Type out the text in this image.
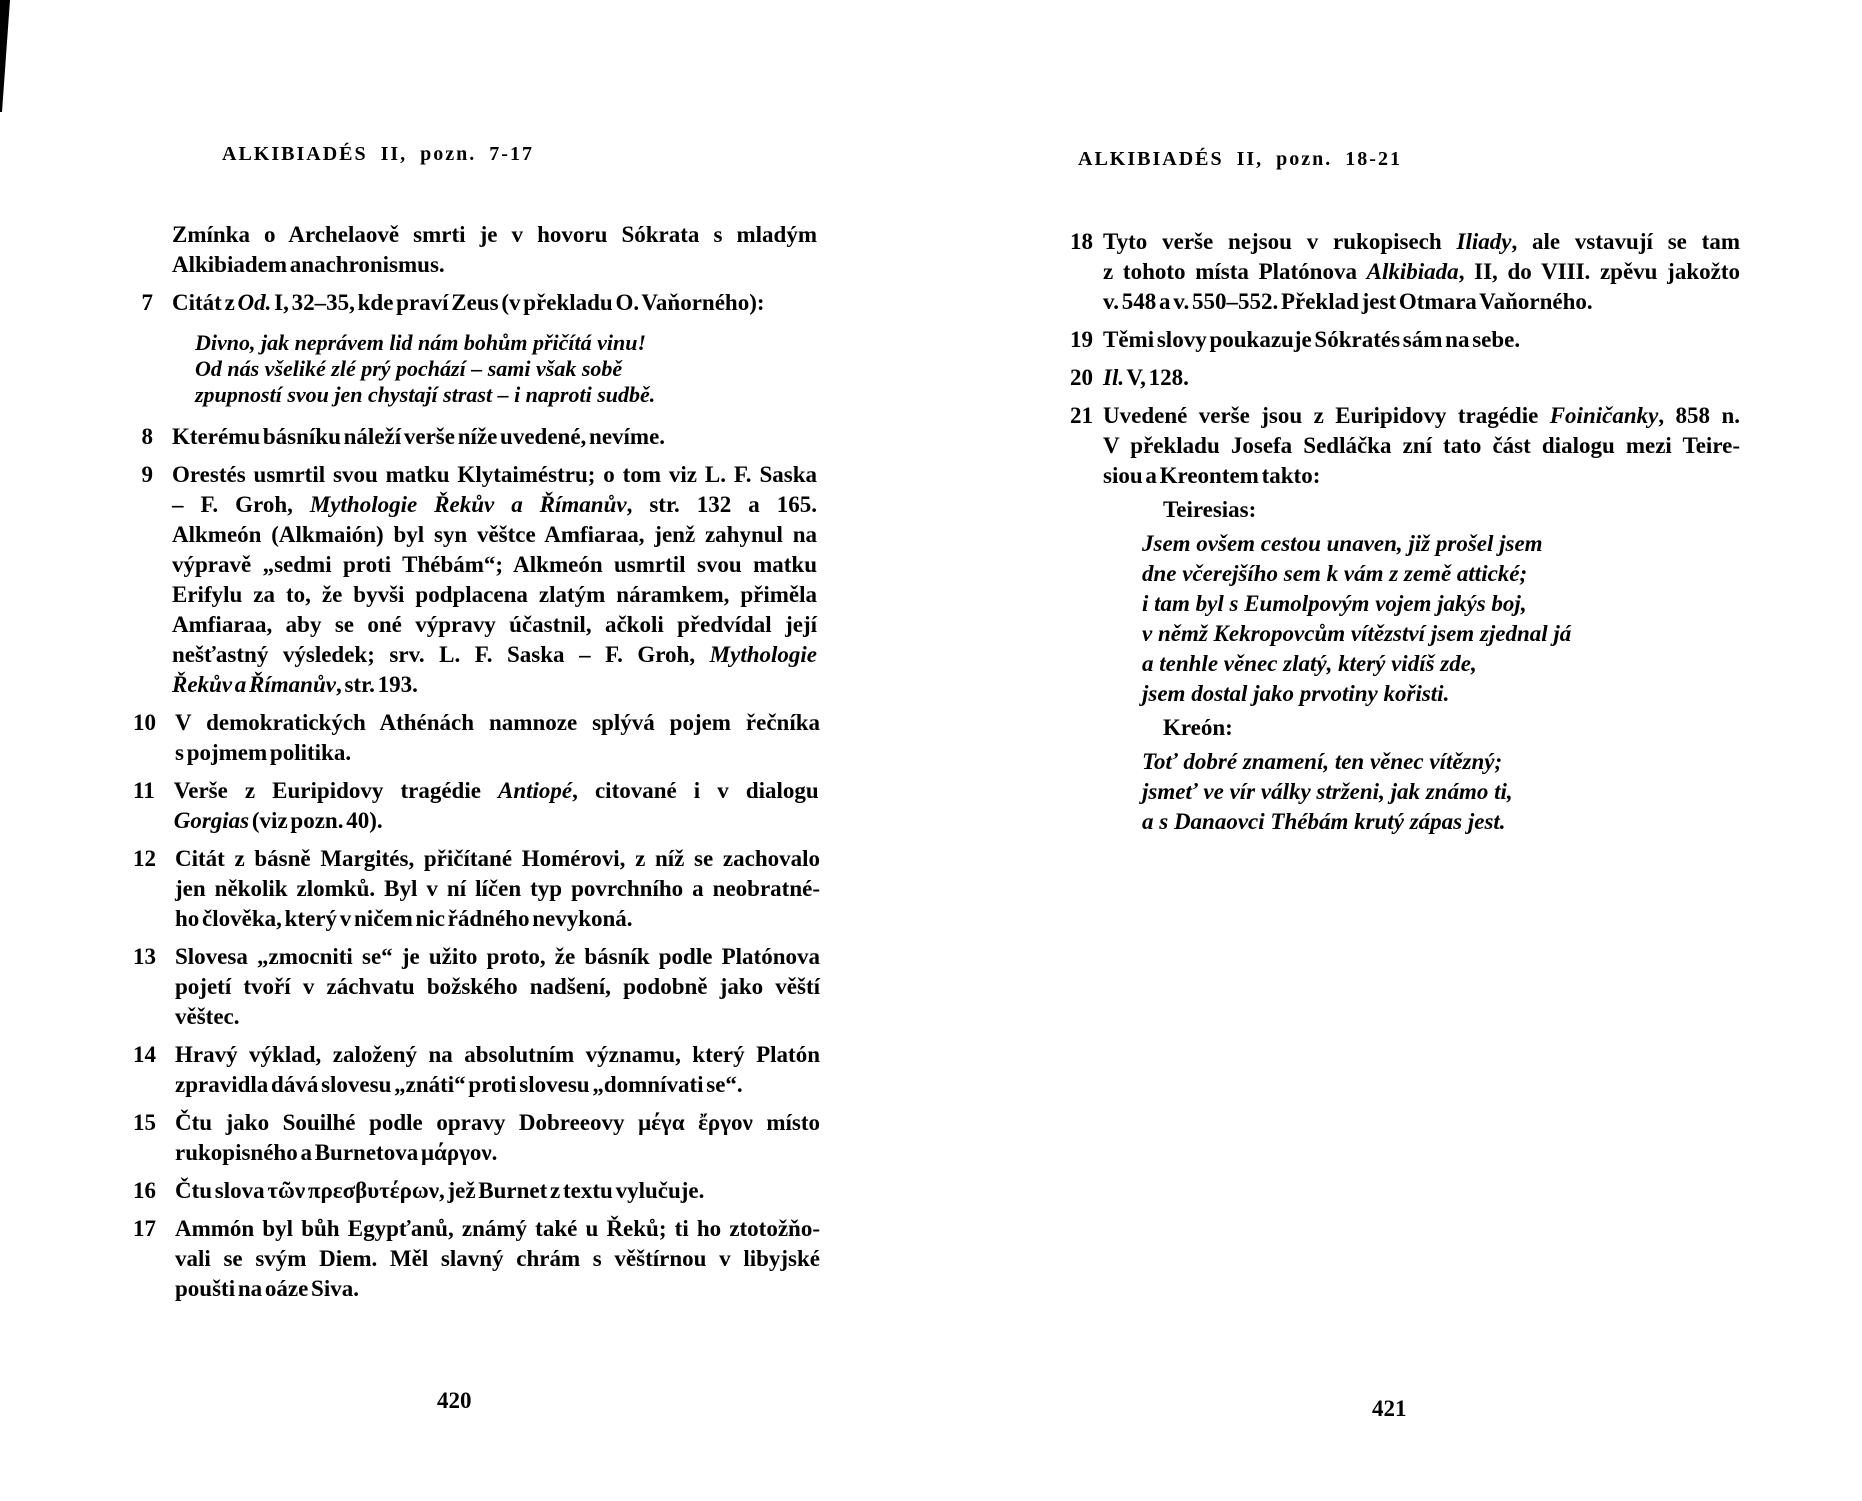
ALKIBIADÉS II, pozn. 7-17	ALKIBIADÉS II, pozn. 18-21
Zmínka o Archelaově smrti je v hovoru Sókrata s mladým
Alkibiadem anachronismus.
7 Citát z Od. I, 32–35, kde praví Zeus (v překladu O. Vaňorného):
Divno, jak neprávem lid nám bohům přičítá vinu!
Od nás všeliké zlé prý pochází – sami však sobě
zpupností svou jen chystají strast – i naproti sudbě.
8 Kterému básníku náleží verše níže uvedené, nevíme.
9 Orestés usmrtil svou matku Klytaiméstru; o tom viz L. F. Saska
– F. Groh, Mythologie Řekův a Římanův, str. 132 a 165.
Alkmeón (Alkmaión) byl syn věštce Amfiaraa, jenž zahynul na
výpravě „sedmi proti Thébám“; Alkmeón usmrtil svou matku
Erifylu za to, že byvši podplacena zlatým náramkem, přiměla
Amfiaraa, aby se oné výpravy účastnil, ačkoli předvídal její
nešťastný výsledek; srv. L. F. Saska – F. Groh, Mythologie
Řekův a Římanův, str. 193.
10 V demokratických Athénách namnoze splývá pojem řečníka
s pojmem politika.
11 Verše z Euripidovy tragédie Antiopé, citované i v dialogu
Gorgias (viz pozn. 40).
12 Citát z básně Margités, přičítané Homérovi, z níž se zachovalo
jen několik zlomků. Byl v ní líčen typ povrchního a neobratné-
ho člověka, který v ničem nic řádného nevykoná.
13 Slovesa „zmocniti se“ je užito proto, že básník podle Platónova
pojetí tvoří v záchvatu božského nadšení, podobně jako věští
věštec.
14 Hravý výklad, založený na absolutním významu, který Platón
zpravidla dává slovesu „znáti“ proti slovesu „domnívati se“.
15 Čtu jako Souilhé podle opravy Dobreeovy μέγα ἔργον místo
rukopisného a Burnetova μάργον.
16 Čtu slova τῶν πρεσβυτέρων, jež Burnet z textu vylučuje.
17 Ammón byl bůh Egypťanů, známý také u Řeků; ti ho ztotožňo-
vali se svým Diem. Měl slavný chrám s věštírnou v libyjské
poušti na oáze Siva.
18 Tyto verše nejsou v rukopisech Iliady, ale vstavují se tam
z tohoto místa Platónova Alkibiada, II, do VIII. zpěvu jakožto
v. 548 a v. 550–552. Překlad jest Otmara Vaňorného.
19 Těmi slovy poukazuje Sókratés sám na sebe.
20 Il. V, 128.
21 Uvedené verše jsou z Euripidovy tragédie Foiničanky, 858 n.
V překladu Josefa Sedláčka zní tato část dialogu mezi Teire-
siou a Kreontem takto:
Teiresias:
Jsem ovšem cestou unaven, již prošel jsem
dne včerejšího sem k vám z země attické;
i tam byl s Eumolpovým vojem jakýs boj,
v němž Kekropovcům vítězství jsem zjednal já
a tenhle věnec zlatý, který vidíš zde,
jsem dostal jako prvotiny kořisti.
Kreón:
Toť dobré znamení, ten věnec vítězný;
jsmeť ve vír války strženi, jak známo ti,
a s Danaovci Thébám krutý zápas jest.
420	421
